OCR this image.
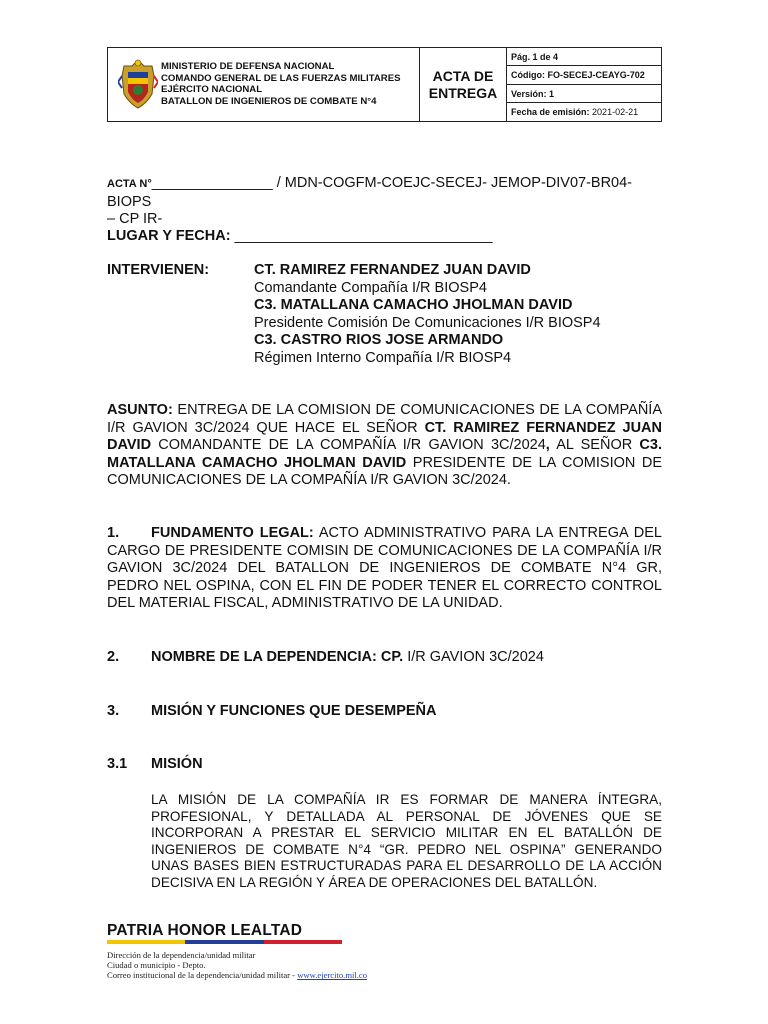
MINISTERIO DE DEFENSA NACIONAL
COMANDO GENERAL DE LAS FUERZAS MILITARES
EJÉRCITO NACIONAL
BATALLON DE INGENIEROS DE COMBATE N°4
ACTA DE
ENTREGA
Pág. 1 de 4
Código: FO-SECEJ-CEAYG-702
Versión: 1
Fecha de emisión: 2021-02-21
ACTA N°_______________ / MDN-COGFM-COEJC-SECEJ- JEMOP-DIV07-BR04-BIOPS
– CP IR-
LUGAR Y FECHA: ________________________________
INTERVIENEN:	CT. RAMIREZ FERNANDEZ JUAN DAVID
Comandante Compañía I/R BIOSP4
C3. MATALLANA CAMACHO JHOLMAN DAVID
Presidente Comisión De Comunicaciones I/R BIOSP4
C3. CASTRO RIOS JOSE ARMANDO
Régimen Interno Compañía I/R BIOSP4
ASUNTO: ENTREGA DE LA COMISION DE COMUNICACIONES DE LA COMPAÑÍA I/R GAVION 3C/2024 QUE HACE EL SEÑOR CT. RAMIREZ FERNANDEZ JUAN DAVID COMANDANTE DE LA COMPAÑÍA I/R GAVION 3C/2024, AL SEÑOR C3. MATALLANA CAMACHO JHOLMAN DAVID PRESIDENTE DE LA COMISION DE COMUNICACIONES DE LA COMPAÑÍA I/R GAVION 3C/2024.
1. FUNDAMENTO LEGAL: ACTO ADMINISTRATIVO PARA LA ENTREGA DEL CARGO DE PRESIDENTE COMISIN DE COMUNICACIONES DE LA COMPAÑÍA I/R GAVION 3C/2024 DEL BATALLON DE INGENIEROS DE COMBATE N°4 GR, PEDRO NEL OSPINA, CON EL FIN DE PODER TENER EL CORRECTO CONTROL DEL MATERIAL FISCAL, ADMINISTRATIVO DE LA UNIDAD.
2. NOMBRE DE LA DEPENDENCIA: CP. I/R GAVION 3C/2024
3. MISIÓN Y FUNCIONES QUE DESEMPEÑA
3.1 MISIÓN
LA MISIÓN DE LA COMPAÑÍA IR ES FORMAR DE MANERA ÍNTEGRA, PROFESIONAL, Y DETALLADA AL PERSONAL DE JÓVENES QUE SE INCORPORAN A PRESTAR EL SERVICIO MILITAR EN EL BATALLÓN DE INGENIEROS DE COMBATE N°4 “GR. PEDRO NEL OSPINA” GENERANDO UNAS BASES BIEN ESTRUCTURADAS PARA EL DESARROLLO DE LA ACCIÓN DECISIVA EN LA REGIÓN Y ÁREA DE OPERACIONES DEL BATALLÓN.
PATRIA HONOR LEALTAD
Dirección de la dependencia/unidad militar
Ciudad o municipio - Depto.
Correo institucional de la dependencia/unidad militar - www.ejercito.mil.co
